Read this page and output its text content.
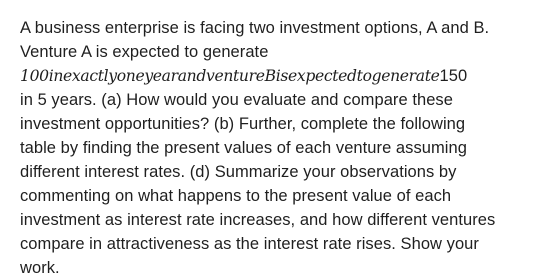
A business enterprise is facing two investment options, A and B.
Venture A is expected to generate
100inexactlyoneyearandventureBisexpectedtogenerate150
in 5 years. (a) How would you evaluate and compare these
investment opportunities? (b) Further, complete the following
table by finding the present values of each venture assuming
different interest rates. (d) Summarize your observations by
commenting on what happens to the present value of each
investment as interest rate increases, and how different ventures
compare in attractiveness as the interest rate rises. Show your
work.
